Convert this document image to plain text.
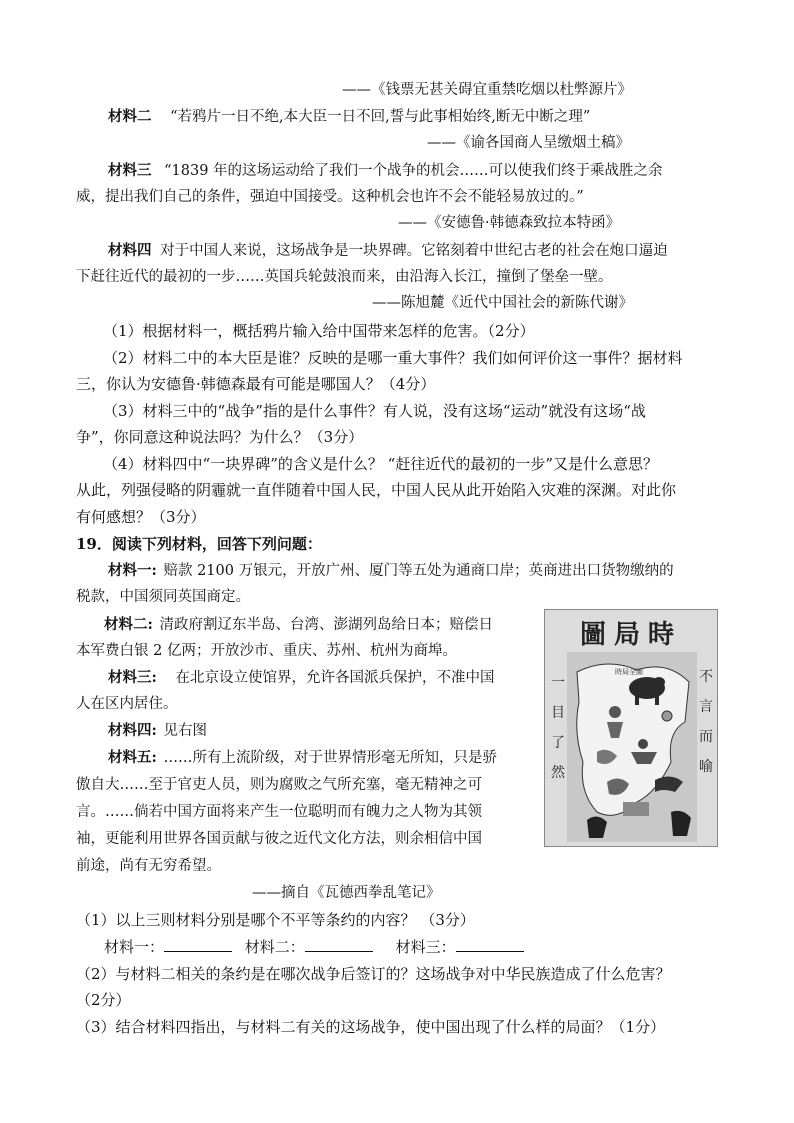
——《钱票无甚关碍宜重禁吃烟以杜弊源片》
材料二 “若鸦片一日不绝,本大臣一日不回,誓与此事相始终,断无中断之理”
——《谕各国商人呈缴烟土稿》
材料三 “1839 年的这场运动给了我们一个战争的机会……可以使我们终于乘战胜之余
威，提出我们自己的条件，强迫中国接受。这种机会也许不会不能轻易放过的。”
——《安德鲁·韩德森致拉本特函》
材料四 对于中国人来说，这场战争是一块界碑。它铭刻着中世纪古老的社会在炮口逼迫
下赶往近代的最初的一步……英国兵轮鼓浪而来，由沿海入长江，撞倒了堡垒一壁。
——陈旭麓《近代中国社会的新陈代谢》
（1）根据材料一，概括鸦片输入给中国带来怎样的危害。（2分）
（2）材料二中的本大臣是谁？反映的是哪一重大事件？我们如何评价这一事件？据材料
三，你认为安德鲁·韩德森最有可能是哪国人？（4分）
（3）材料三中的“战争”指的是什么事件？有人说，没有这场“运动”就没有这场“战
争”，你同意这种说法吗？为什么？（3分）
（4）材料四中“一块界碑”的含义是什么？ “赶往近代的最初的一步”又是什么意思？
从此，列强侵略的阴霾就一直伴随着中国人民，中国人民从此开始陷入灾难的深渊。对此你
有何感想？（3分）
19．阅读下列材料，回答下列问题：
材料一: 赔款 2100 万银元，开放广州、厦门等五处为通商口岸；英商进出口货物缴纳的
税款，中国须同英国商定。
材料二: 清政府割辽东半岛、台湾、澎湖列岛给日本；赔偿日
本军费白银 2 亿两；开放沙市、重庆、苏州、杭州为商埠。
材料三: 在北京设立使馆界，允许各国派兵保护，不准中国
人在区内居住。
材料四: 见右图
材料五: ……所有上流阶级，对于世界情形毫无所知，只是骄
傲自大……至于官吏人员，则为腐败之气所充塞，毫无精神之可
言。……倘若中国方面将来产生一位聪明而有魄力之人物为其领
袖，更能利用世界各国贡献与彼之近代文化方法，则余相信中国
前途，尚有无穷希望。
——摘自《瓦德西拳乱笔记》
（1）以上三则材料分别是哪个不平等条约的内容？ （3分）
材料一：	材料二：	材料三：
（2）与材料二相关的条约是在哪次战争后签订的？这场战争对中华民族造成了什么危害？
（2分）
（3）结合材料四指出，与材料二有关的这场战争，使中国出现了什么样的局面？（1分）
圖局時
一目了然
不言而喻
時局全圖
